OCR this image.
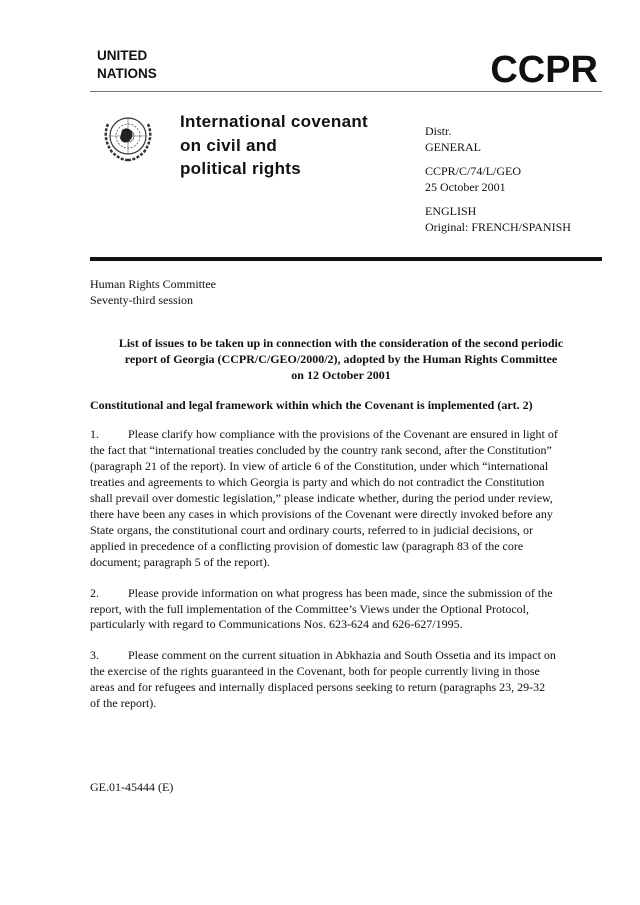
UNITED
NATIONS	CCPR
International covenant
on civil and
political rights
Distr.
GENERAL
CCPR/C/74/L/GEO
25 October 2001
ENGLISH
Original: FRENCH/SPANISH
Human Rights Committee
Seventy-third session
List of issues to be taken up in connection with the consideration of the second periodic
report of Georgia (CCPR/C/GEO/2000/2), adopted by the Human Rights Committee
on 12 October 2001
Constitutional and legal framework within which the Covenant is implemented (art. 2)
1. Please clarify how compliance with the provisions of the Covenant are ensured in light of
the fact that “international treaties concluded by the country rank second, after the Constitution”
(paragraph 21 of the report). In view of article 6 of the Constitution, under which “international
treaties and agreements to which Georgia is party and which do not contradict the Constitution
shall prevail over domestic legislation,” please indicate whether, during the period under review,
there have been any cases in which provisions of the Covenant were directly invoked before any
State organs, the constitutional court and ordinary courts, referred to in judicial decisions, or
applied in precedence of a conflicting provision of domestic law (paragraph 83 of the core
document; paragraph 5 of the report).
2. Please provide information on what progress has been made, since the submission of the
report, with the full implementation of the Committee’s Views under the Optional Protocol,
particularly with regard to Communications Nos. 623-624 and 626-627/1995.
3. Please comment on the current situation in Abkhazia and South Ossetia and its impact on
the exercise of the rights guaranteed in the Covenant, both for people currently living in those
areas and for refugees and internally displaced persons seeking to return (paragraphs 23, 29-32
of the report).
GE.01-45444 (E)
